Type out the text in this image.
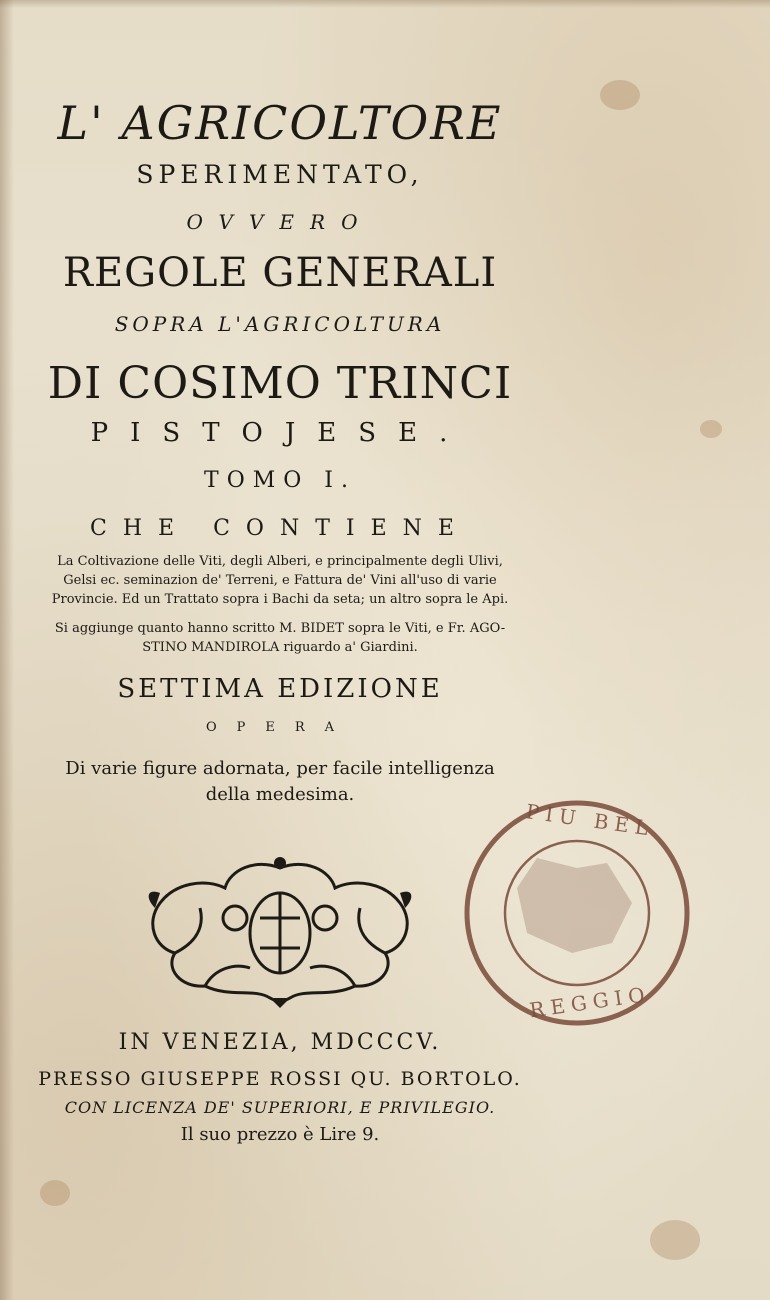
L' AGRICOLTORE
SPERIMENTATO,
OVVERO
REGOLE GENERALI
SOPRA L'AGRICOLTURA
DI COSIMO TRINCI
PISTOJESE.
TOMO I.
CHE CONTIENE
La Coltivazione delle Viti, degli Alberi, e principalmente degli Ulivi,
Gelsi ec. seminazion de' Terreni, e Fattura de' Vini all'uso di varie
Provincie. Ed un Trattato sopra i Bachi da seta; un altro sopra le Api.
Si aggiunge quanto hanno scritto M. BIDET sopra le Viti, e Fr. AGO-
STINO MANDIROLA riguardo a' Giardini.
SETTIMA EDIZIONE
OPERA
Di varie figure adornata, per facile intelligenza
della medesima.
PIU BEL
REGGIO
IN VENEZIA, MDCCCV.
PRESSO GIUSEPPE ROSSI QU. BORTOLO.
CON LICENZA DE' SUPERIORI, E PRIVILEGIO.
Il suo prezzo è Lire 9.
